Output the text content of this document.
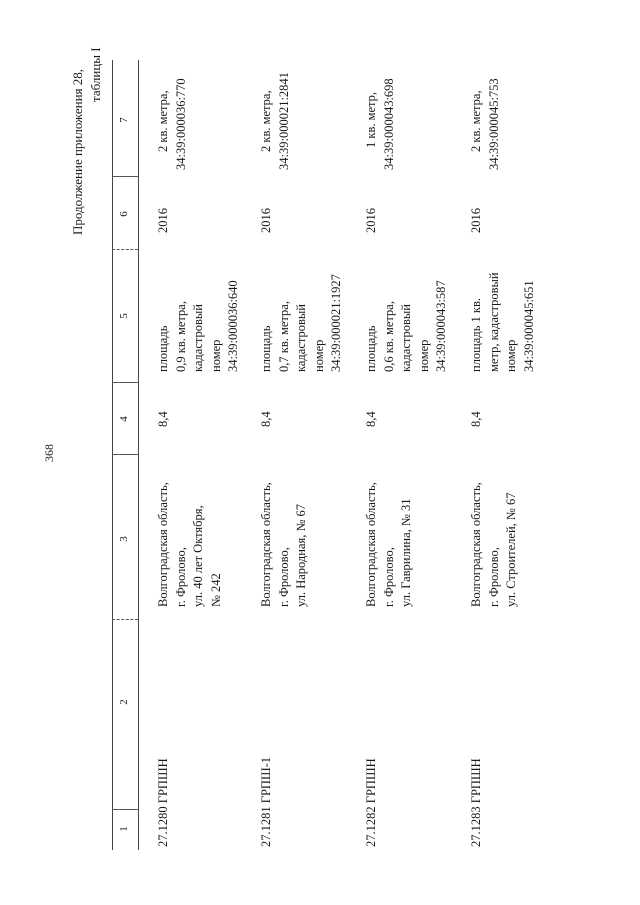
368
Продолжение приложения 28, таблицы I
1
2
3
4
5
6
7
27.1280 ГРПШН
Волгоградская область, г. Фролово, ул. 40 лет Октября, № 242
8,4
площадь 0,9 кв. метра, кадастровый номер 34:39:000036:640
2016
2 кв. метра, 34:39:000036:770
27.1281 ГРПШ-1
Волгоградская область, г. Фролово, ул. Народная, № 67
8,4
площадь 0,7 кв. метра, кадастровый номер 34:39:000021:1927
2016
2 кв. метра, 34:39:000021:2841
27.1282 ГРПШН
Волгоградская область, г. Фролово, ул. Гаврилина, № 31
8,4
площадь 0,6 кв. метра, кадастровый номер 34:39:000043:587
2016
1 кв. метр, 34:39:000043:698
27.1283 ГРПШН
Волгоградская область, г. Фролово, ул. Строителей, № 67
8,4
площадь 1 кв. метр, кадастровый номер 34:39:000045:651
2016
2 кв. метра, 34:39:000045:753
